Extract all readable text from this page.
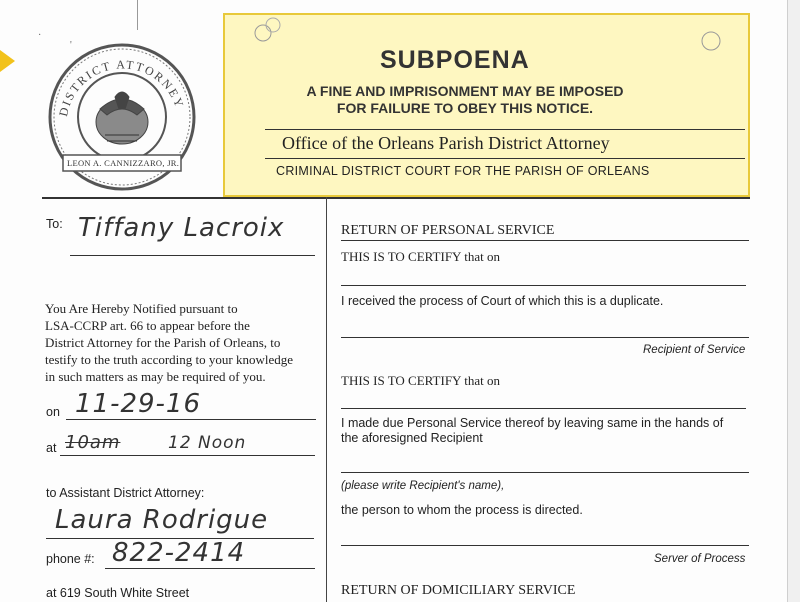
·
'
DISTRICT ATTORNEY
LEON A. CANNIZZARO, JR.
SUBPOENA
A FINE AND IMPRISONMENT MAY BE IMPOSED
FOR FAILURE TO OBEY THIS NOTICE.
Office of the Orleans Parish District Attorney
CRIMINAL DISTRICT COURT FOR THE PARISH OF ORLEANS
To: Tiffany Lacroix
You Are Hereby Notified pursuant to
LSA-CCRP art. 66 to appear before the
District Attorney for the Parish of Orleans, to
testify to the truth according to your knowledge
in such matters as may be required of you.
on 11-29-16
at 10am	12 Noon
to Assistant District Attorney:
Laura Rodrigue
phone #: 822-2414
at 619 South White Street
RETURN OF PERSONAL SERVICE
THIS IS TO CERTIFY that on
I received the process of Court of which this is a duplicate.
Recipient of Service
THIS IS TO CERTIFY that on
I made due Personal Service thereof by leaving same in the hands of
the aforesigned Recipient
(please write Recipient's name),
the person to whom the process is directed.
Server of Process
RETURN OF DOMICILIARY SERVICE
